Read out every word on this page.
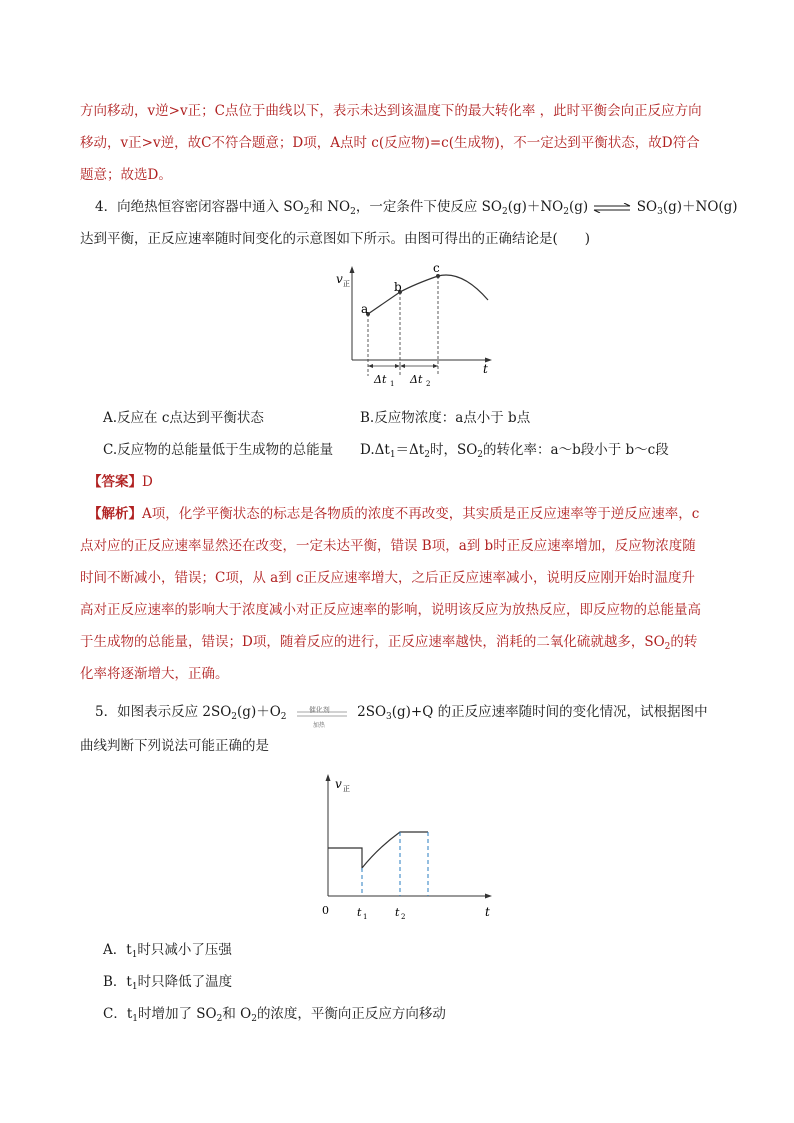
方向移动，v逆>v正；C点位于曲线以下，表示未达到该温度下的最大转化率 ，此时平衡会向正反应方向
移动，v正>v逆，故C不符合题意；D项，A点时 c(反应物)=c(生成物)，不一定达到平衡状态，故D符合
题意；故选D。
4．向绝热恒容密闭容器中通入 $SO_2$和 $NO_2$，一定条件下使反应 $SO_2(g)+NO_2(g)$ ⇌ $SO_3(g)+NO(g)$
达到平衡，正反应速率随时间变化的示意图如下所示。由图可得出的正确结论是(　　)
v 正
t
a
b
c
Δt 1 Δt 2
A.反应在 c点达到平衡状态	B.反应物浓度：a点小于 b点
C.反应物的总能量低于生成物的总能量	$D.\Delta t_1=\Delta t_2$时，$SO_2$的转化率：a～b段小于 b～c段
【答案】D
【解析】A项，化学平衡状态的标志是各物质的浓度不再改变，其实质是正反应速率等于逆反应速率，c
点对应的正反应速率显然还在改变，一定未达平衡，错误 B项，a到 b时正反应速率增加，反应物浓度随
时间不断减小，错误；C项，从 a到 c正反应速率增大，之后正反应速率减小，说明反应刚开始时温度升
高对正反应速率的影响大于浓度减小对正反应速率的影响，说明该反应为放热反应，即反应物的总能量高
于生成物的总能量，错误；D项，随着反应的进行，正反应速率越快，消耗的二氧化硫就越多，$SO_2$的转
化率将逐渐增大，正确。
5．如图表示反应 $2SO_2(g)+O_2$
催化剂
加热
$2SO_3(g)+Q$ 的正反应速率随时间的变化情况，试根据图中
曲线判断下列说法可能正确的是
v 正
t
0	t 1	t 2
A．$t_1$时只减小了压强
B．$t_1$时只降低了温度
C．$t_1$时增加了 $SO_2$和 $O_2$的浓度，平衡向正反应方向移动
